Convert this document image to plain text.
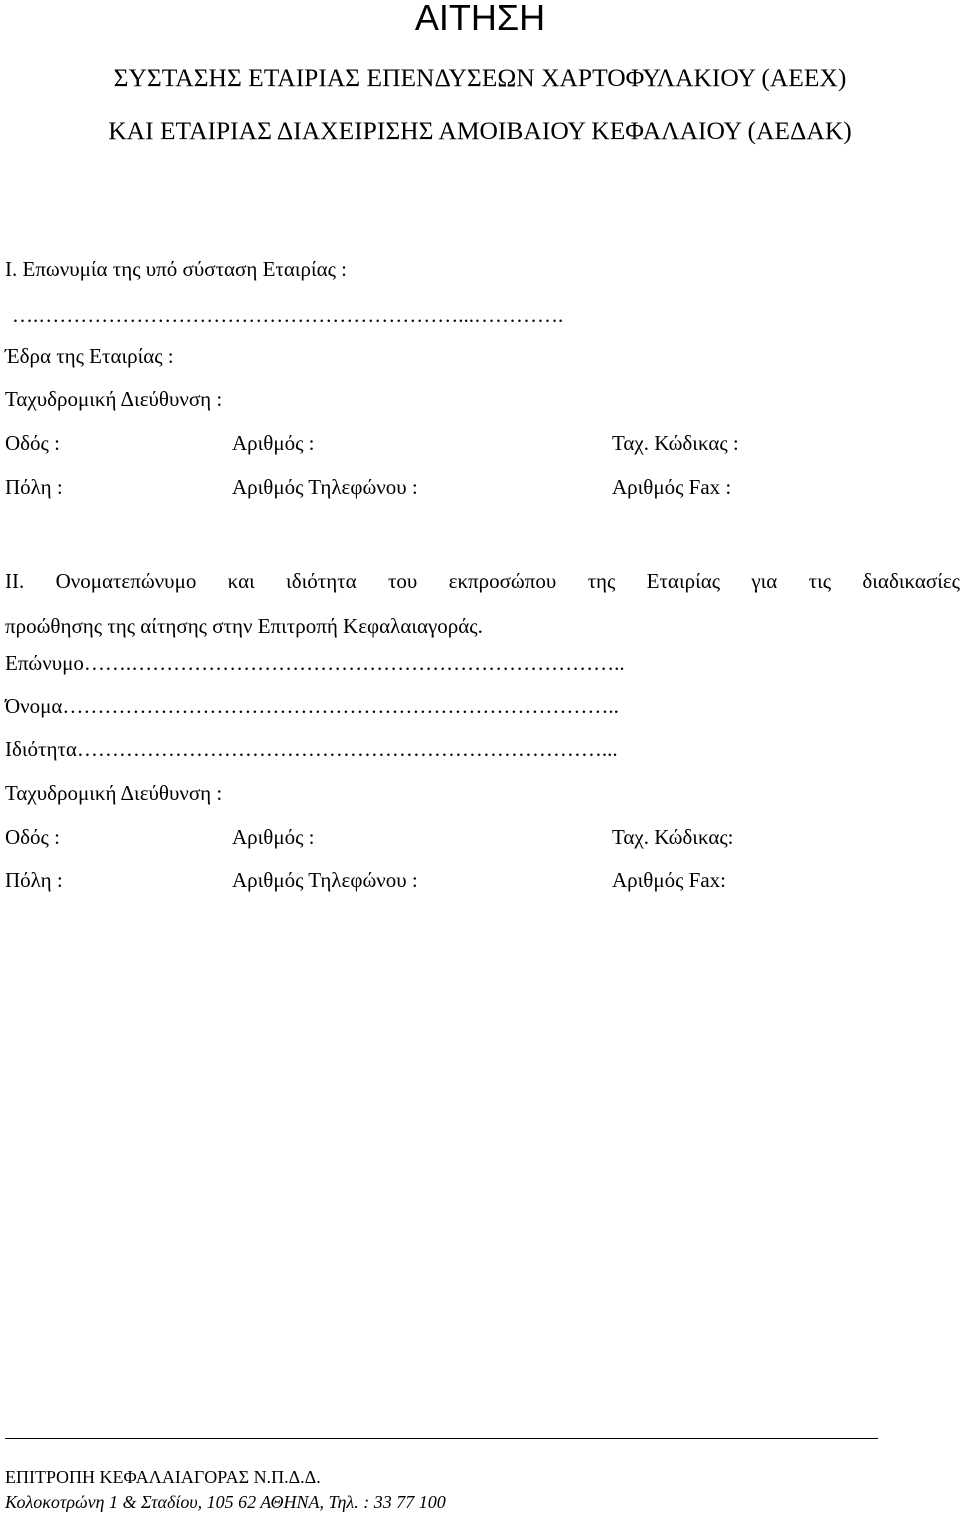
ΑΙΤΗΣΗ
ΣΥΣΤΑΣΗΣ ΕΤΑΙΡΙΑΣ ΕΠΕΝΔΥΣΕΩΝ ΧΑΡΤΟΦΥΛΑΚΙΟΥ (ΑΕΕΧ)
ΚΑΙ ΕΤΑΙΡΙΑΣ ΔΙΑΧΕΙΡΙΣΗΣ ΑΜΟΙΒΑΙΟΥ ΚΕΦΑΛΑΙΟΥ (ΑΕΔΑΚ)
Ι. Επωνυμία της υπό σύσταση Εταιρίας :
….……………………………………………………...………….
Έδρα της Εταιρίας :
Ταχυδρομική Διεύθυνση :
Οδός :	Αριθμός :	Ταχ. Κώδικας :
Πόλη :	Αριθμός Τηλεφώνου :	Αριθμός Fax :
ΙΙ. Ονοματεπώνυμο και ιδιότητα του εκπροσώπου της Εταιρίας για τις διαδικασίες
προώθησης της αίτησης στην Επιτροπή Κεφαλαιαγοράς.
Επώνυμο…….……………………………………………………………..
Όνομα……………………………………………………………………..
Ιδιότητα…………………………………………………………………...
Ταχυδρομική Διεύθυνση :
Οδός :	Αριθμός :	Ταχ. Κώδικας:
Πόλη :	Αριθμός Τηλεφώνου :	Αριθμός Fax:
ΕΠΙΤΡΟΠΗ ΚΕΦΑΛΑΙΑΓΟΡΑΣ Ν.Π.Δ.Δ.
Κολοκοτρώνη 1 & Σταδίου, 105 62 ΑΘΗΝΑ, Τηλ. : 33 77 100
